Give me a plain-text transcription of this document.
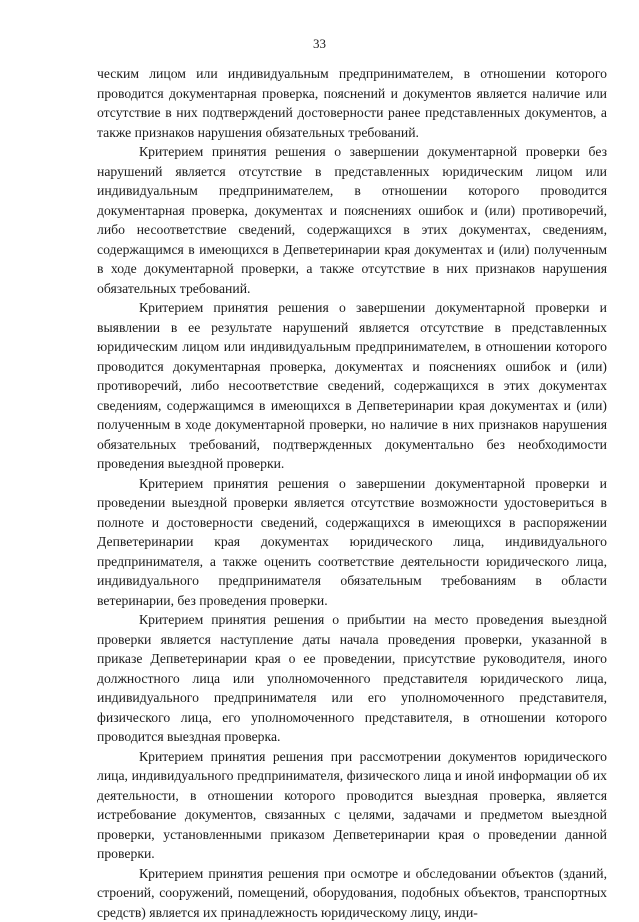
33

ческим лицом или индивидуальным предпринимателем, в отношении которого проводится документарная проверка, пояснений и документов является наличие или отсутствие в них подтверждений достоверности ранее представленных документов, а также признаков нарушения обязательных требований.

Критерием принятия решения о завершении документарной проверки без нарушений является отсутствие в представленных юридическим лицом или индивидуальным предпринимателем, в отношении которого проводится документарная проверка, документах и пояснениях ошибок и (или) противоречий, либо несоответствие сведений, содержащихся в этих документах, сведениям, содержащимся в имеющихся в Депветеринарии края документах и (или) полученным в ходе документарной проверки, а также отсутствие в них признаков нарушения обязательных требований.

Критерием принятия решения о завершении документарной проверки и выявлении в ее результате нарушений является отсутствие в представленных юридическим лицом или индивидуальным предпринимателем, в отношении которого проводится документарная проверка, документах и пояснениях ошибок и (или) противоречий, либо несоответствие сведений, содержащихся в этих документах сведениям, содержащимся в имеющихся в Депветеринарии края документах и (или) полученным в ходе документарной проверки, но наличие в них признаков нарушения обязательных требований, подтвержденных документально без необходимости проведения выездной проверки.

Критерием принятия решения о завершении документарной проверки и проведении выездной проверки является отсутствие возможности удостовериться в полноте и достоверности сведений, содержащихся в имеющихся в распоряжении Депветеринарии края документах юридического лица, индивидуального предпринимателя, а также оценить соответствие деятельности юридического лица, индивидуального предпринимателя обязательным требованиям в области ветеринарии, без проведения проверки.

Критерием принятия решения о прибытии на место проведения выездной проверки является наступление даты начала проведения проверки, указанной в приказе Депветеринарии края о ее проведении, присутствие руководителя, иного должностного лица или уполномоченного представителя юридического лица, индивидуального предпринимателя или его уполномоченного представителя, физического лица, его уполномоченного представителя, в отношении которого проводится выездная проверка.

Критерием принятия решения при рассмотрении документов юридического лица, индивидуального предпринимателя, физического лица и иной информации об их деятельности, в отношении которого проводится выездная проверка, является истребование документов, связанных с целями, задачами и предметом выездной проверки, установленными приказом Депветеринарии края о проведении данной проверки.

Критерием принятия решения при осмотре и обследовании объектов (зданий, строений, сооружений, помещений, оборудования, подобных объектов, транспортных средств) является их принадлежность юридическому лицу, инди-
